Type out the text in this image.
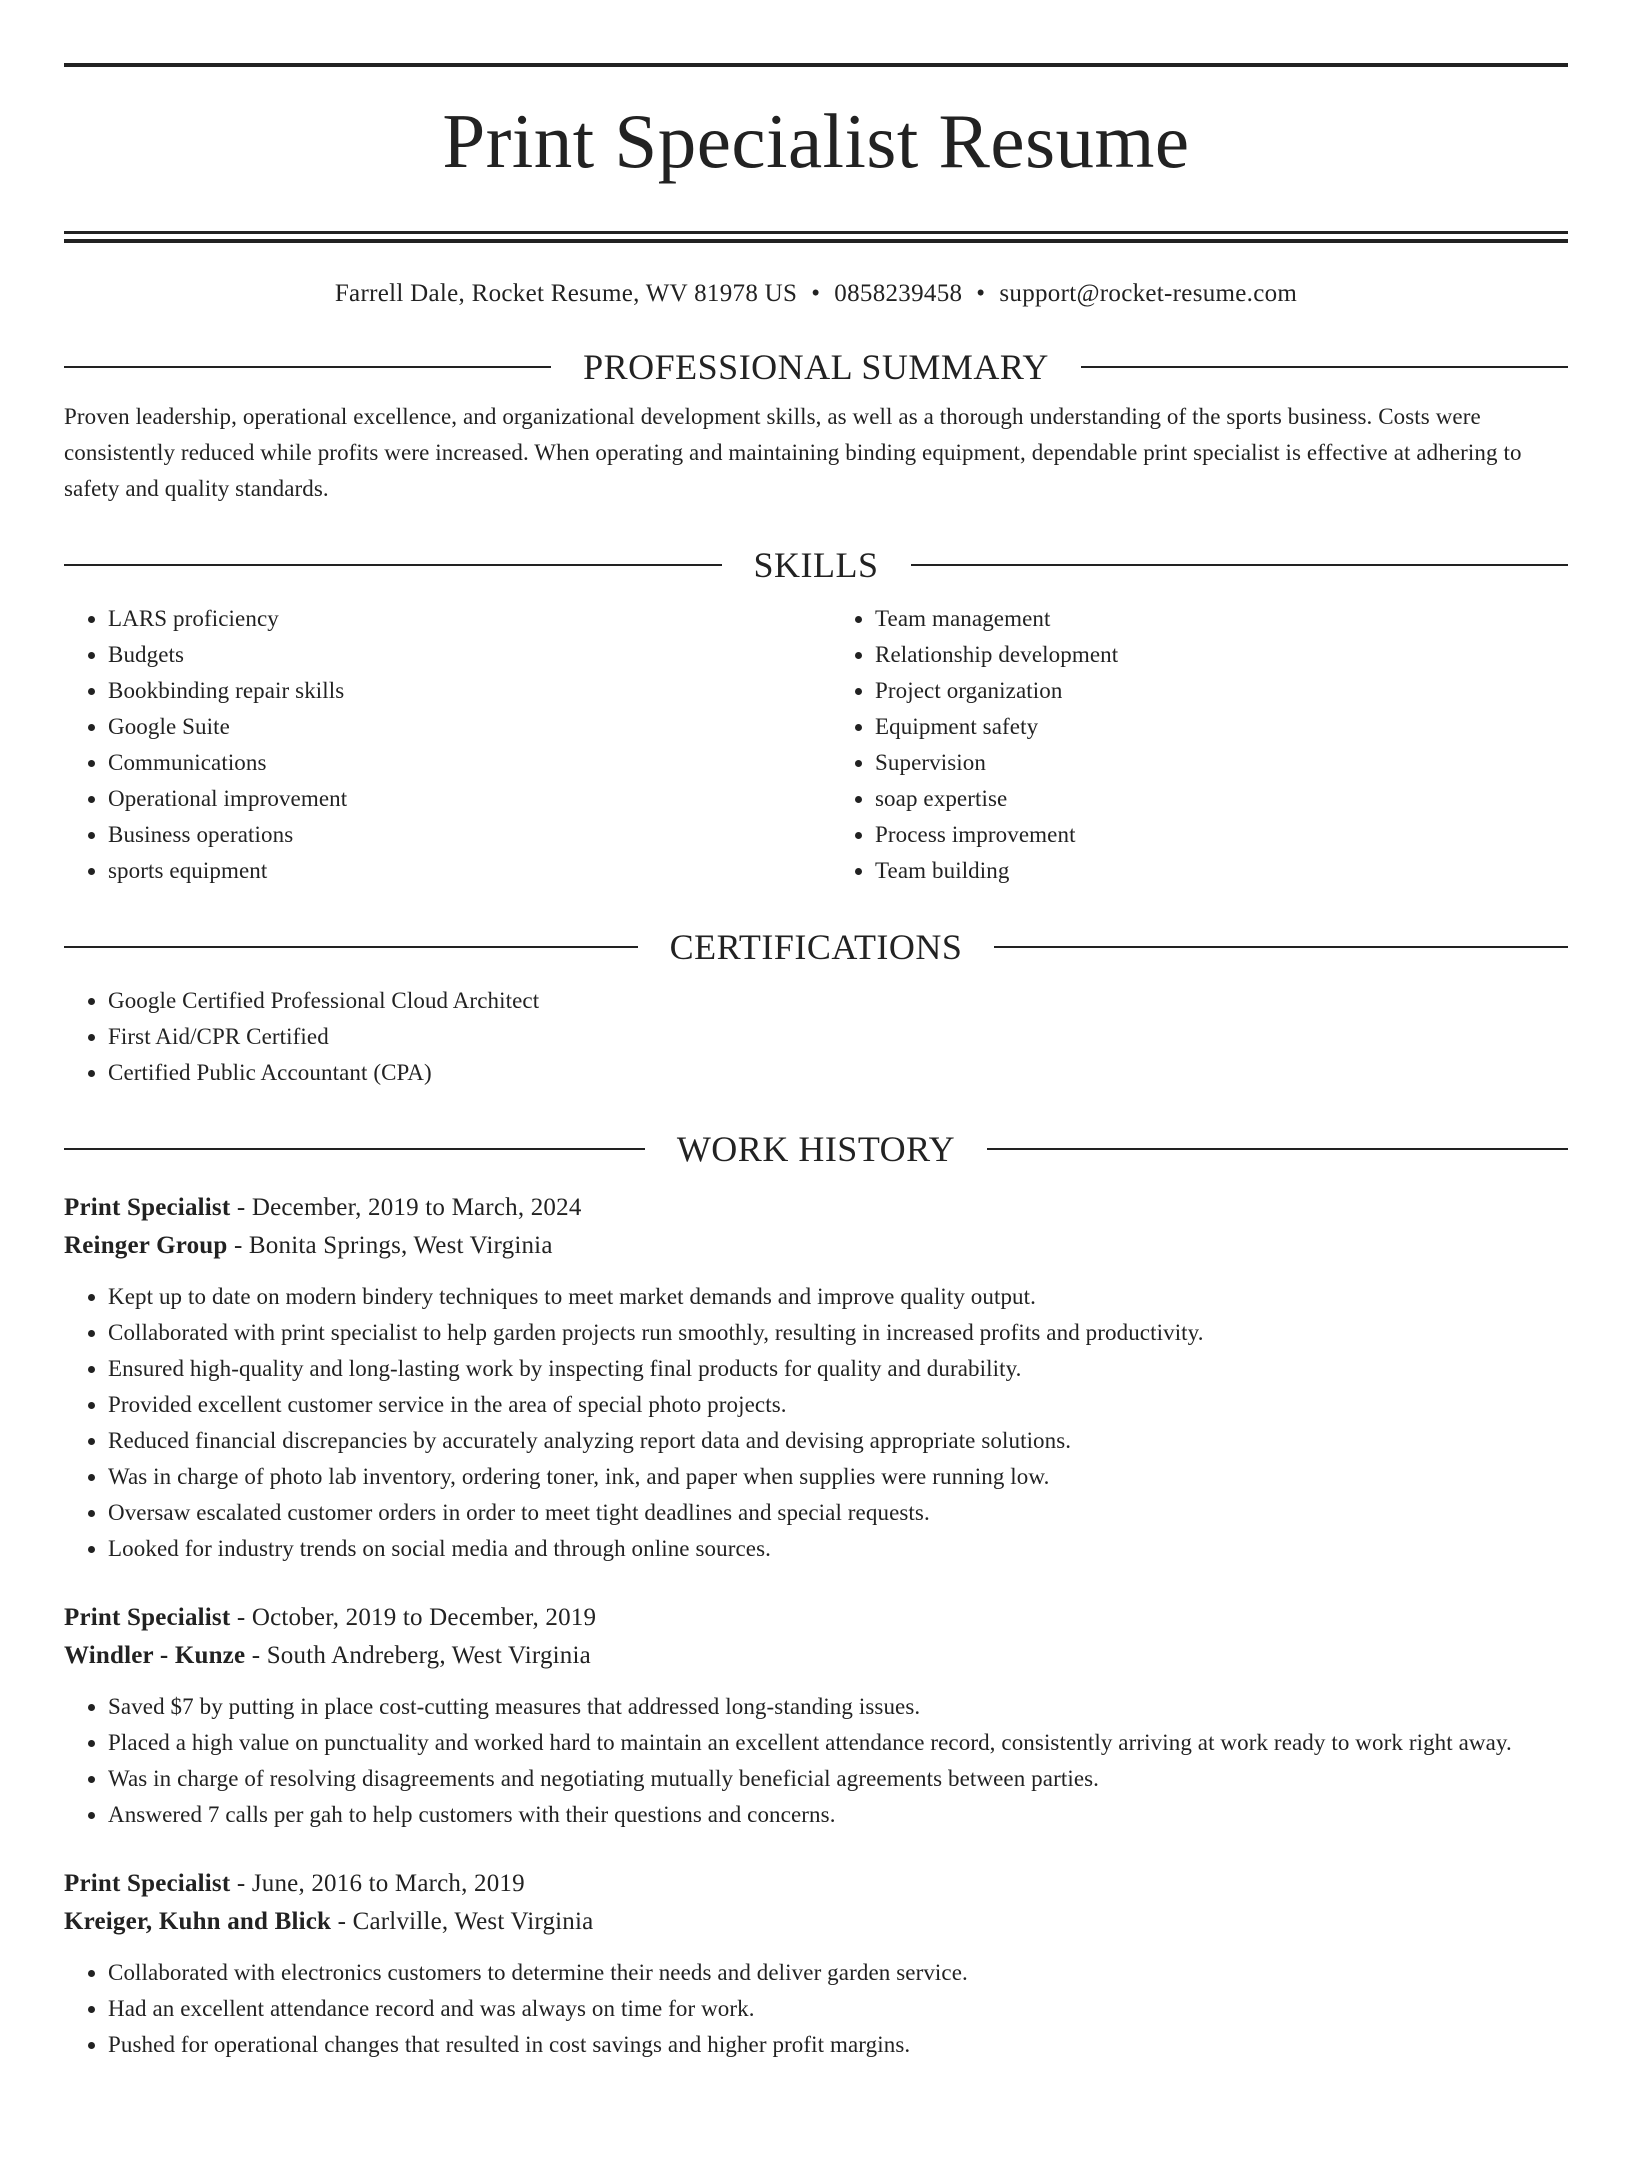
Print Specialist Resume
Farrell Dale, Rocket Resume, WV 81978 US • 0858239458 • support@rocket-resume.com
PROFESSIONAL SUMMARY
Proven leadership, operational excellence, and organizational development skills, as well as a thorough understanding of the sports business. Costs were consistently reduced while profits were increased. When operating and maintaining binding equipment, dependable print specialist is effective at adhering to safety and quality standards.
SKILLS
• LARS proficiency
• Budgets
• Bookbinding repair skills
• Google Suite
• Communications
• Operational improvement
• Business operations
• sports equipment
• Team management
• Relationship development
• Project organization
• Equipment safety
• Supervision
• soap expertise
• Process improvement
• Team building
CERTIFICATIONS
• Google Certified Professional Cloud Architect
• First Aid/CPR Certified
• Certified Public Accountant (CPA)
WORK HISTORY
Print Specialist - December, 2019 to March, 2024
Reinger Group - Bonita Springs, West Virginia
• Kept up to date on modern bindery techniques to meet market demands and improve quality output.
• Collaborated with print specialist to help garden projects run smoothly, resulting in increased profits and productivity.
• Ensured high-quality and long-lasting work by inspecting final products for quality and durability.
• Provided excellent customer service in the area of special photo projects.
• Reduced financial discrepancies by accurately analyzing report data and devising appropriate solutions.
• Was in charge of photo lab inventory, ordering toner, ink, and paper when supplies were running low.
• Oversaw escalated customer orders in order to meet tight deadlines and special requests.
• Looked for industry trends on social media and through online sources.
Print Specialist - October, 2019 to December, 2019
Windler - Kunze - South Andreberg, West Virginia
• Saved $7 by putting in place cost-cutting measures that addressed long-standing issues.
• Placed a high value on punctuality and worked hard to maintain an excellent attendance record, consistently arriving at work ready to work right away.
• Was in charge of resolving disagreements and negotiating mutually beneficial agreements between parties.
• Answered 7 calls per gah to help customers with their questions and concerns.
Print Specialist - June, 2016 to March, 2019
Kreiger, Kuhn and Blick - Carlville, West Virginia
• Collaborated with electronics customers to determine their needs and deliver garden service.
• Had an excellent attendance record and was always on time for work.
• Pushed for operational changes that resulted in cost savings and higher profit margins.
